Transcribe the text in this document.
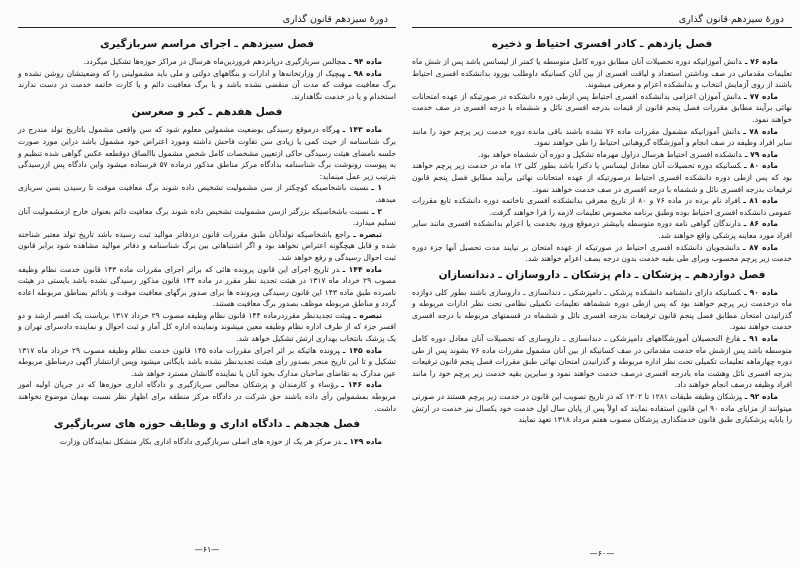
دورهٔ سیزدهم قانون گذاری
فصل سیزدهم ـ اجرای مراسم سربازگیری

ماده ۹۴ ـمجالس سربازگیری درپانزدهم فروردین‌ماه هرسال در مراکز حوزه‌ها تشکیل میگردد.

ماده ۹۸ ـهیچیک از وزارتخانه‌ها و ادارات و بنگاههای دولتی و ملی باید مشمولینی را که وضعیتشان روشن نشده و برگ معافیت موقت که مدت آن منقضی نشده باشد و یا برگ معافیت دائم و یا کارت خاتمه خدمت در دست ندارند استخدام و یا در خدمت نگاهدارند.

فصل هفدهم ـ کبر و صغرسن

ماده ۱۴۳ ـهرگاه درموقع رسیدگی بوضعیت مشمولین معلوم شود که سن واقعی مشمول باتاریخ تولد مندرج در برگ شناسنامه از حیث کمی یا زیادی سن تفاوت فاحش داشته ومورد اعتراض خود مشمول باشد دراین مورد صورت جلسه بامضای هیئت رسیدگی حاکی ازتعیین مشخصات کامل شخص مشمول باالصاق دوقطعه عکس گواهی شده تنظیم و به پیوست رونوشت برگ شناسنامه بدادگاه مرکز مناطق مذکور درماده ۵۷ فرستاده میشود واین دادگاه پس ازرسیدگی بترتیب زیر عمل مینماید:

۱ ـنسبت باشخاصیکه کوچکتر از سن مشمولیت تشخیص داده شوند برگ معافیت موقت تا رسیدن بسن سربازی میدهد.

۲ ـنسبت باشخاصیکه بزرگتر ازسن مشمولیت تشخیص داده شوند برگ معافیت دائم بعنوان خارج ازمشمولیت آنان تسلیم میدارد.

تبصره ـراجع باشخاصیکه تولدآنان طبق مقررات قانون دردفاتر موالید ثبت رسیده باشد تاریخ تولد معتبر شناخته شده و قابل هیچگونه اعتراض نخواهد بود و اگر اشتباهاتی بین برگ شناسنامه و دفاتر موالید مشاهده شود برابر قانون ثبت احوال رسیدگی و رفع خواهد شد.

ماده ۱۴۴ ـدر تاریخ اجرای این قانون پرونده هائی که براثر اجرای مقررات ماده ۱۴۳ قانون خدمت نظام وظیفه مصوب ۲۹ خرداد ماه ۱۳۱۷ در هیئت تجدید نظر مقرر در ماده ۱۴۴ قانون مذکور رسیدگی نشده باشد بایستی در هیئت نامبرده طبق ماده ۱۴۳ این قانون رسیدگی وپرونده ها برای صدور برگهای معافیت موقت و یادائم بمناطق مربوطه اعاده گردد و مناطق مربوطه موظف بصدور برگ معافیت هستند.

تبصره ـهیئت تجدیدنظر مقرردرماده ۱۴۴ قانون نظام وظیفه مصوب ۲۹ خرداد ۱۳۱۷ بریاست یک افسر ارشد و دو افسر جزء که از طرف اداره نظام وظیفه معین میشوند ونماینده اداره کل آمار و ثبت احوال و نماینده دادسرای تهران و یک پزشک بانتخاب بهداری ارتش تشکیل خواهد شد.

ماده ۱۴۵ ـپرونده هائیکه بر اثر اجرای مقررات ماده ۱۴۵ قانون خدمت نظام وظیفه مصوب ۲۹ خرداد ماه ۱۳۱۷ تشکیل و تا این تاریخ منجر بصدور رأی هیئت تجدیدنظر نشده باشد بایگانی میشود وپس ازانتشار آگهی درمناطق مربوطه عین مدارک به تقاضای صاحبان مدارک بخود آنان یا نماینده گانشان مسترد خواهد شد.

ماده ۱۴۶ ـرؤساء و کارمندان و پزشکان مجالس سربازگیری و دادگاه اداری حوزه‌ها که در جریان اولیه امور مربوطه بمشمولین رأی داده باشند حق شرکت در دادگاه مرکز منطقه برای اظهار نظر نسبت بهمان موضوع نخواهند داشت.

فصل هجدهم ـ دادگاه اداری و وظایف حوزه های سربازگیری

ماده ۱۴۹ ـدر مرکز هر یک از حوزه های اصلی سربازگیری دادگاه اداری بکار متشکل نمایندگان وزارت

—۶۱—
دورهٔ سیزدهم قانون گذاری
فصل یازدهم ـ کادر افسری احتیاط و ذخیره

ماده ۷۶ ـدانش آموزانیکه دوره تحصیلات آنان مطابق دوره کامل متوسطه یا کمتر از لیسانس باشد پس از شش ماه تعلیمات مقدماتی در صف وداشتن استعداد و لیاقت افسری از بین آنان کسانیکه داوطلب بورود بدانشکده افسری احتیاط باشند از روی آزمایش انتخاب و بدانشکده اعزام و معرفی میشوند.

ماده ۷۷ ـدانش آموزان اعزامی بدانشکده افسری احتیاط پس ازطی دوره دانشکده در صورتیکه از عهده امتحانات نهائی برآیند مطابق مقررات فصل پنجم قانون از قیمات بدرجه افسری نائل و ششماه با درجه افسری در صف خدمت خواهند نمود.

ماده ۷۸ ـدانش آموزانیکه مشمول مقررات ماده ۷۶ نشده باشند باقی مانده دوره خدمت زیر پرچم خود را مانند سایر افراد وظیفه در صف انجام و آموزشگاه گروهبانی احتیاط را طی خواهند نمود.

ماده ۷۹ ـدانشکده افسری احتیاط هرسال دراول مهرماه تشکیل و دوره آن ششماه خواهد بود.

ماده ۸۰ ـکسانیکه دوره تحصیلات آنان معادل لیسانس یا دکترا باشد بطور کلی ۱۲ ماه در خدمت زیر پرچم خواهند بود که پس ازطی دوره دانشکده افسری احتیاط درصورتیکه از عهده امتحانات نهائی برآیند مطابق فصل پنجم قانون ترفیعات بدرجه افسری نائل و ششماه با درجه افسری در صف خدمت خواهند نمود.

ماده ۸۱ ـافراد نام برده در ماده ۷۶ و ۸۰ از تاریخ معرفی بدانشکده افسری تاخاتمه دوره دانشکده تابع مقررات عمومی دانشکده افسری احتیاط بوده وطبق برنامه مخصوص تعلیمات لازمه را فرا خواهند گرفت.

ماده ۸۶ ـدارندگان گواهی نامه دوره متوسطه یابیشتر درموقع ورود بخدمت یا اعزام بدانشکده افسری مانند سایر افراد مورد معاینه پزشکی واقع خواهند شد.

ماده ۸۷ ـدانشجویان دانشکده افسری احتیاط در صورتیکه از عهده امتحان بر نیایند مدت تحصیل آنها جزء دوره خدمت زیر پرچم محسوب وبرای طی بقیه خدمت بدون درجه بصف اعزام خواهند شد.

فصل دوازدهم ـ پزشکان ـ دام پزشکان ـ داروسازان ـ دندانسازان

ماده ۹۰ ـکسانیکه دارای دانشنامه دانشکده پزشکی ـ دامپزشکی ـ دندانسازی ـ داروسازی باشند بطور کلی دوازده ماه درخدمت زیر پرچم خواهند بود که پس ازطی دوره ششماهه تعلیمات تکمیلی نظامی تحت نظر ادارات مربوطه و گذرانیدن امتحان مطابق فصل پنجم قانون ترفیعات بدرجه افسری نائل و ششماه در قسمتهای مربوطه با درجه افسری خدمت خواهند نمود.

ماده ۹۱ ـفارغ التحصیلان آموزشگاههای دامپزشکی ـ دندانسازی ـ داروسازی که تحصیلات آنان معادل دوره کامل متوسطه باشد پس ازشش ماه خدمت مقدماتی در صف کسانیکه از بین آنان مشمول مقررات ماده ۷۶ بشوند پس از طی دوره چهارماهه تعلیمات تکمیلی تحت نظر اداره مربوطه و گذرانیدن امتحان نهائی طبق مقررات فصل پنجم قانون ترفیعات بدرجه افسری نائل وهشت ماه بادرجه افسری درصف خدمت خواهند نمود و سایرین بقیه خدمت زیر پرچم خود را مانند افراد وظیفه درصف انجام خواهند داد.

ماده ۹۲ ـپزشکان وظیفه طبقات ۱۲۸۱ تا ۱۳۰۲ که در تاریخ تصویب این قانون در خدمت زیر پرچم هستند در صورتی میتوانند از مزایای ماده ۹۰ این قانون استفاده نمایند که اولاً پس از پایان سال اول خدمت خود یکسال نیز خدمت در ارتش را یابایه پزشکیاری طبق قانون خدمتگذاری پزشکان مصوب هفتم مرداد ۱۳۱۸ تعهد نمایند

—۶۰—
